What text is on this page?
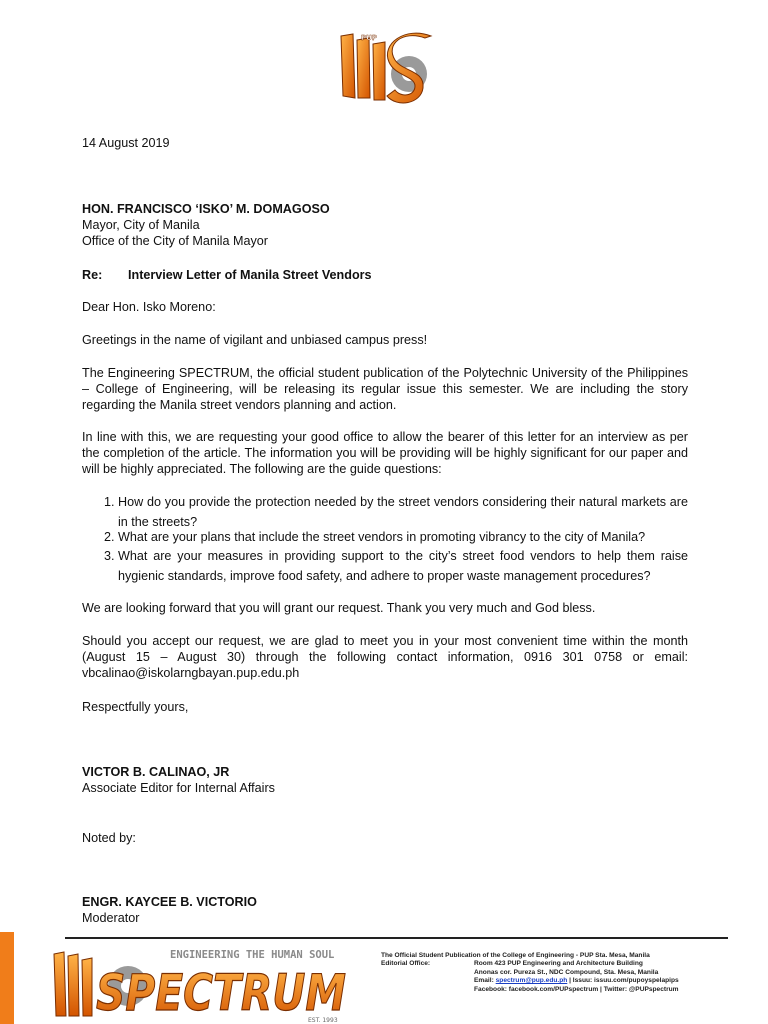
PUP
14 August 2019
HON. FRANCISCO ‘ISKO’ M. DOMAGOSO
Mayor, City of Manila
Office of the City of Manila Mayor
Re: Interview Letter of Manila Street Vendors
Dear Hon. Isko Moreno:
Greetings in the name of vigilant and unbiased campus press!
The Engineering SPECTRUM, the official student publication of the Polytechnic University of the Philippines – College of Engineering, will be releasing its regular issue this semester. We are including the story regarding the Manila street vendors planning and action.
In line with this, we are requesting your good office to allow the bearer of this letter for an interview as per the completion of the article. The information you will be providing will be highly significant for our paper and will be highly appreciated. The following are the guide questions:
1. How do you provide the protection needed by the street vendors considering their natural markets are in the streets?
2. What are your plans that include the street vendors in promoting vibrancy to the city of Manila?
3. What are your measures in providing support to the city’s street food vendors to help them raise hygienic standards, improve food safety, and adhere to proper waste management procedures?
We are looking forward that you will grant our request. Thank you very much and God bless.
Should you accept our request, we are glad to meet you in your most convenient time within the month (August 15 – August 30) through the following contact information, 0916 301 0758 or email: vbcalinao@iskolarngbayan.pup.edu.ph
Respectfully yours,
VICTOR B. CALINAO, JR
Associate Editor for Internal Affairs
Noted by:
ENGR. KAYCEE B. VICTORIO
Moderator
ENGINEERING THE HUMAN SOUL
SPECTRUM
EST. 1993
The Official Student Publication of the College of Engineering - PUP Sta. Mesa, Manila
Editorial Office:	Room 423 PUP Engineering and Architecture Building
Anonas cor. Pureza St., NDC Compound, Sta. Mesa, Manila
Email: spectrum@pup.edu.ph | Issuu: issuu.com/pupoyspelapips
Facebook: facebook.com/PUPspectrum | Twitter: @PUPspectrum
